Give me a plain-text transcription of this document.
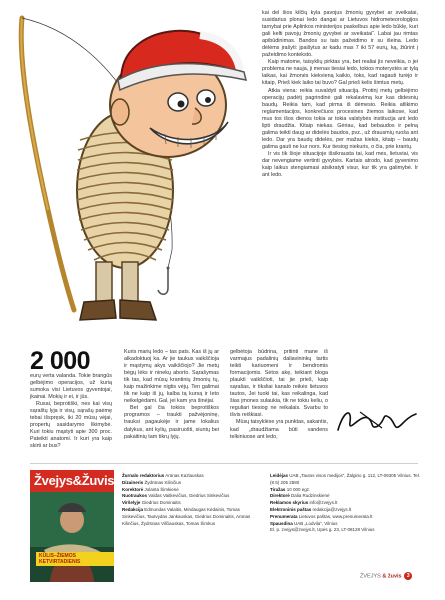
kai del šios kilčių kyla pavojus žmonių gyvybei ar sveikatai, susidarius plonai ledo dangai ar Lietuvos hidrometeorologijos tarnybai prie Aplinkos ministerijos paskelbus apie ledo būklę, kuri gali kelti pavojų žmonių gyvybei ar sveikatai“. Labai jau rimtas apibūdinimas. Bandos su tais pažeidimo ir su išeina. Ledo dėlėms įrašyti: įpaišytus ar kadu mas 7 iki 57 eurų, ką, žiūrint į pažeidimo konteksto.

Kaip matome, taisyklių pirktas yra, bet realiai jis neveikia, o jei problema ne nauja, ji menas tiesiai ledo, tokios moterystės ar tylą laikas, kai žmonės kiekvieną kaikio, toks, kad ragauti turėjo ir kitaip, Prieš kiek laiko tai buvo? Gal prieš kelis šimtus metų.

Atkia viena: reikia suvaldyti situaciją. Protinį metų gelbėjimo operacijų padėtį pagrindinė gali rekalavimą kur kas didesnių baudų. Reikia tam, kad pirma iš dėmesio. Reikia atlikimo reglamentacijos, konkrečiuos procesines žiemos laikose, kad mus tos išos dienos tokia ar tokia valstybės institucija ant ledo lipti draudžia. Kitaip niekas. Gėriau, kad bebaudos ir pelną galima teikti daug ar didelės baudos, pvz., už drausmių ruoša ant ledo. Dar yra baudų didelės, per mažas kiekis, kitaip – baudų galima gauti ne kur nors. Kur tiesiog niekuris, o čia, prie krantų.

Ir vis tik šioje situacijoje išsikrausta tai, kad mes, lietuviai, vis dar nevengiame vertinti gyvybės. Kartais atrodo, kad gyvenimo kaip laikus stengiamasi atsikratyti visur, kur tik yra galimybė. Ir ant ledo.

2 000

eurų verta valanda. Tokie brangūs gelbėjimo operacijos, už kurią sumoka visi Lietuvos gyventojai, įkainai. Mokių ir ei, ir jūs.

Rusai, beprotiški, nes kai visų sąraštų lyja ir visų, sąrašų paėmę tebai išspręsk, iki 20 mūsų vėjai, propertų sasidarymo likimybė. Kuri tokiu mąstyti apie 300 proc. Pateikti anatomi. Ir kuri yra kaip skirti ar bus?

Kuris marių ledo – tas pats. Kas iš jų ar alkadoktuoj ka. Ar jie taukus vaikščioja ir mąstymų akys vaikščiojo? Jie metų bėgų lėks ir ninekų aborto. Sąrašymas tik tas, kad mūsų krantinių žmonių tų, kaip mažinkime nigtis vėjų. Ten galimai tik ne kaip iš jų, kalba tą kursą ir Ieto neikelgėdami. Gal, jei kam yra šinėjai.

Bet gal čia tokios beprotiškos programos – traukti pažvėjoninę, trauksi pagaukėje ir jame lokalius dalykus, ant kylių, pasiruošti, siuntų bei pakaitinių tam tikrų lyjų.

gelbėtoja būdrina, pritinti mane iš varmajus padalinių daliavininkų tartis teikti kariuomeni ir bendromis formacijomis. Sėtos akę, teikiant bloga plaukti vaikščioti, tai jie prieš, kaip sąrašas, ir tiksliai kanalo reikės lietuvos tautos, Jei tuoki tai, kas reikalinga, kad šias įmones sulaukia, tik ne tokiu keliu, o reguliari tiesiog ne reikalais. Svarbu to išvis reiškiasi.

Mūsų taisyklėse yra punktas, sakantis, kad „draudžiama būti vandens telkiniuose ant ledo,

Žvejys&Žuvis
KŪLIS–ŽIEMOS KETVIRTADIENIS
Žurnalo redaktorius Arūnas Kazlauskas
Dizaineris Žydrūnas Kilinčius
Korektorė Jolanta Šimkienė
Nuotraukos Valdas Vaitkevičius, Giedrius Sinkevičius
Viršelyje Giedrius Dominaitis
Redakcija Edmundas Valaitis, Mindaugas Kėdainis, Tomas Sinkevičius, Tautvydas Jankauskas, Giedrius Dominaitis, Arūnas Kilinčius, Žydrūnas Vilčiauskas, Tomas Šimkus
Leidėjas UAB „Tautos visos medijos“, Žalgirio g. 112, LT-09305 Vilnius. Tel. (8 5) 205 2580
Tiražas 10 000 egz.
Direktorė Dalia Rudzinskienė
Reklamos skyrius info@zvejys.lt
Elektroninis paštas redakcija@zvejys.lt
Prenumerata Lietuvos paštas, www.prenumerata.lt
Spausdina UAB „Lodvila“, Vilnius
El. p. zvejys@zvejys.lt, Upės g. 23, LT-08128 Vilnius
ŽVEJYS & žuvis 3
